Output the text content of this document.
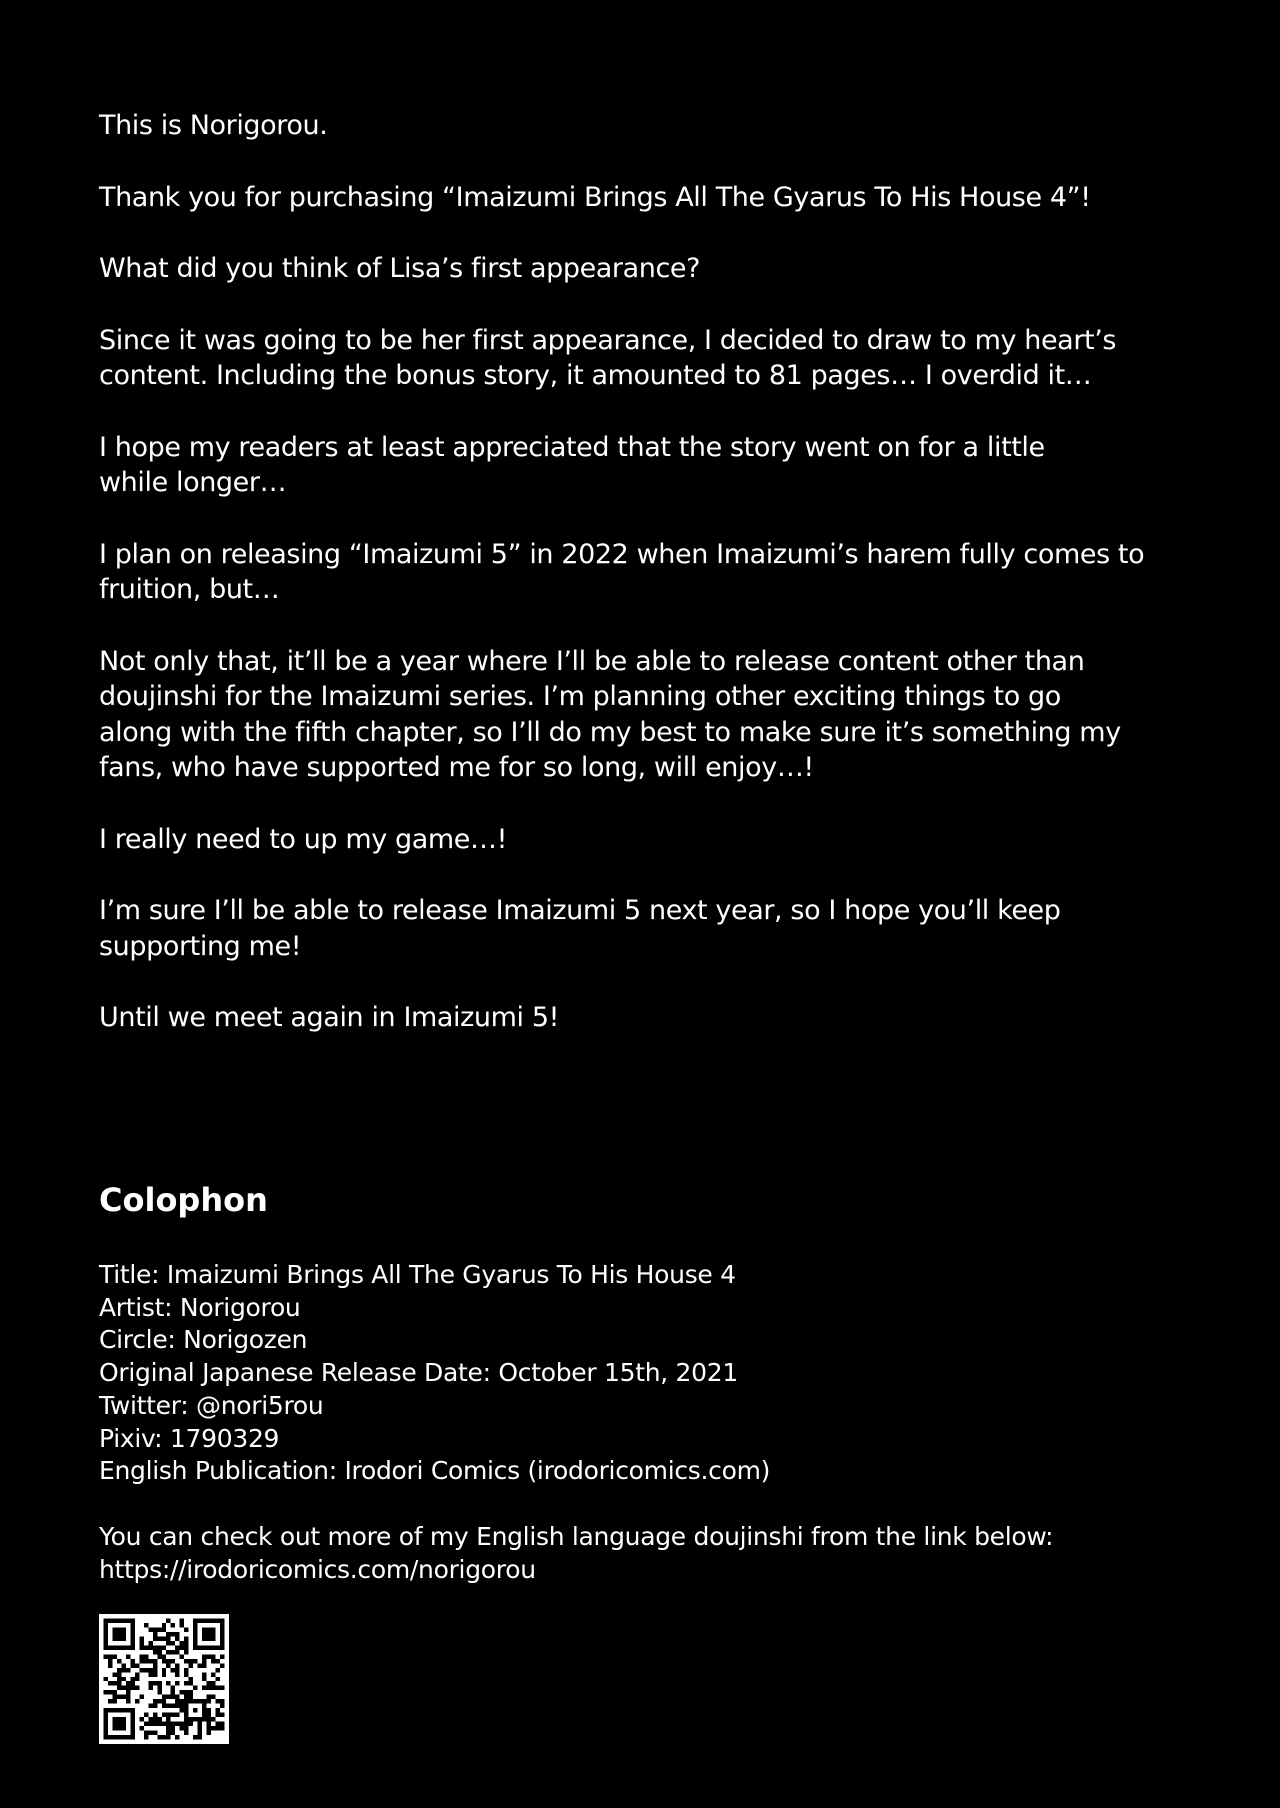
This is Norigorou.

Thank you for purchasing “Imaizumi Brings All The Gyarus To His House 4”!

What did you think of Lisa’s first appearance?

Since it was going to be her first appearance, I decided to draw to my heart’s
content. Including the bonus story, it amounted to 81 pages… I overdid it…

I hope my readers at least appreciated that the story went on for a little
while longer…

I plan on releasing “Imaizumi 5” in 2022 when Imaizumi’s harem fully comes to
fruition, but…

Not only that, it’ll be a year where I’ll be able to release content other than
doujinshi for the Imaizumi series. I’m planning other exciting things to go
along with the fifth chapter, so I’ll do my best to make sure it’s something my
fans, who have supported me for so long, will enjoy…!

I really need to up my game…!

I’m sure I’ll be able to release Imaizumi 5 next year, so I hope you’ll keep
supporting me!

Until we meet again in Imaizumi 5!

Colophon
Title: Imaizumi Brings All The Gyarus To His House 4
Artist: Norigorou
Circle: Norigozen
Original Japanese Release Date: October 15th, 2021
Twitter: @nori5rou
Pixiv: 1790329
English Publication: Irodori Comics (irodoricomics.com)
You can check out more of my English language doujinshi from the link below:
https://irodoricomics.com/norigorou
